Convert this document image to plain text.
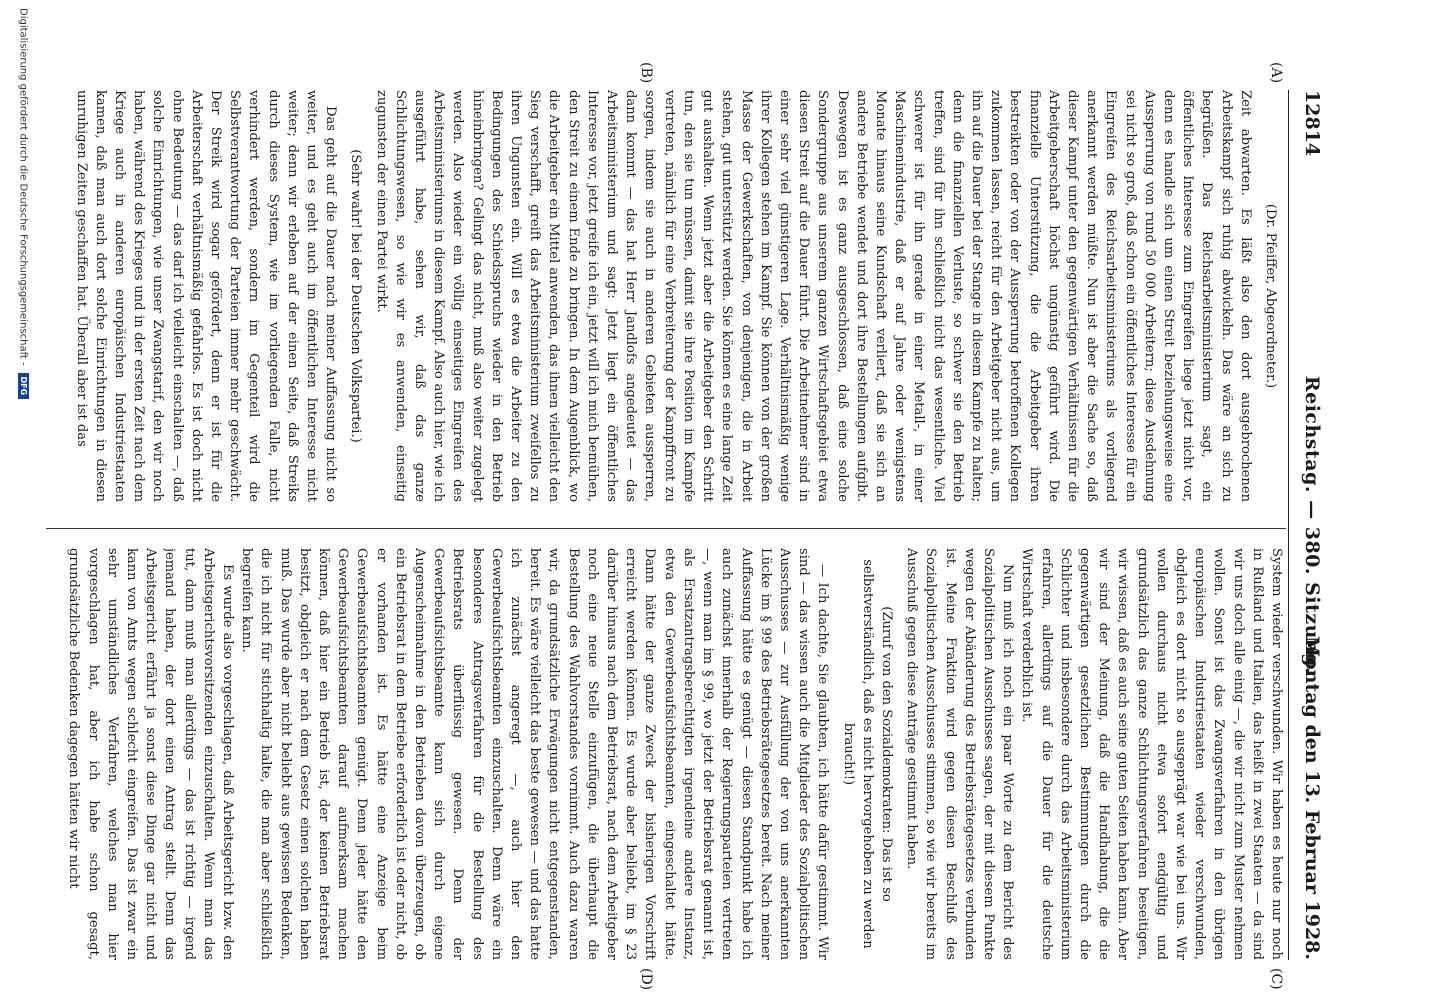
12814
Reichstag. — 380. Sitzung.
Montag den 13. Februar 1928.
(A)
(B)
(C)
(D)

(Dr. Pfeiffer, Abgeordneter.)

Zeit abwarten. Es läßt also den dort ausgebrochenen Arbeitskampf sich ruhig abwickeln. Das wäre an sich zu begrüßen. Das Reichsarbeitsministerium sagt, ein öffentliches Interesse zum Eingreifen liege jetzt nicht vor, denn es handle sich um einen Streit beziehungsweise eine Aussperrung von rund 50 000 Arbeitern; diese Ausdehnung sei nicht so groß, daß schon ein öffentliches Interesse für ein Eingreifen des Reichsarbeitsministeriums als vorliegend anerkannt werden müßte. Nun ist aber die Sache so, daß dieser Kampf unter den gegenwärtigen Verhältnissen für die Arbeitgeberschaft höchst ungünstig geführt wird. Die finanzielle Unterstützung, die die Arbeitgeber ihren bestreikten oder von der Aussperrung betroffenen Kollegen zukommen lassen, reicht für den Arbeitgeber nicht aus, um ihn auf die Dauer bei der Stange in diesem Kampfe zu halten; denn die finanziellen Verluste, so schwer sie den Betrieb treffen, sind für ihn schließlich nicht das wesentliche. Viel schwerer ist für ihn gerade in einer Metall-, in einer Maschinenindustrie, daß er auf Jahre oder wenigstens Monate hinaus seine Kundschaft verliert, daß sie sich an andere Betriebe wendet und dort ihre Bestellungen aufgibt. Deswegen ist es ganz ausgeschlossen, daß eine solche Sondergruppe aus unserem ganzen Wirtschaftsgebiet etwa diesen Streit auf die Dauer führt. Die Arbeitnehmer sind in einer sehr viel günstigeren Lage. Verhältnismäßig wenige ihrer Kollegen stehen im Kampf. Sie können von der großen Masse der Gewerkschaften, von denjenigen, die in Arbeit stehen, gut unterstützt werden. Sie können es eine lange Zeit gut aushalten. Wenn jetzt aber die Arbeitgeber den Schritt tun, den sie tun müssen, damit sie ihre Position im Kampfe vertreten, nämlich für eine Verbreiterung der Kampffront zu sorgen, indem sie auch in anderen Gebieten aussperren, dann kommt — das hat Herr Jandlofs angedeutet — das Arbeitsministerium und sagt: Jetzt liegt ein öffentliches Interesse vor, jetzt greife ich ein, jetzt will ich mich bemühen, den Streit zu einem Ende zu bringen. In dem Augenblick, wo die Arbeitgeber ein Mittel anwenden, das ihnen vielleicht den Sieg verschafft, greift das Arbeitsministerium zweifellos zu ihren Ungunsten ein. Will es etwa die Arbeiter zu den Bedingungen des Schiedsspruchs wieder in den Betrieb hineinbringen? Gelingt das nicht, muß also weiter zugelegt werden. Also wieder ein völlig einseitiges Eingreifen des Arbeitsministeriums in diesem Kampf. Also auch hier, wie ich ausgeführt habe, sehen wir, daß das ganze Schlichtungswesen, so wie wir es anwenden, einseitig zugunsten der einen Partei wirkt.

(Sehr wahr! bei der Deutschen Volkspartei.)

Das geht auf die Dauer nach meiner Auffassung nicht so weiter, und es geht auch im öffentlichen Interesse nicht weiter; denn wir erleben auf der einen Seite, daß Streiks durch dieses System, wie im vorliegenden Falle, nicht verhindert werden, sondern im Gegenteil wird die Selbstverantwortung der Parteien immer mehr geschwächt. Der Streik wird sogar gefördert, denn er ist für die Arbeiterschaft verhältnismäßig gefahrlos. Es ist doch nicht ohne Bedeutung — das darf ich vielleicht einschalten —, daß solche Einrichtungen, wie unser Zwangstarif, den wir noch haben, während des Krieges und in der ersten Zeit nach dem Kriege auch in anderen europäischen Industriestaaten kamen, daß man auch dort solche Einrichtungen in diesen unruhigen Zeiten geschaffen hat. Überall aber ist das

System wieder verschwunden. Wir haben es heute nur noch in Rußland und Italien, das heißt in zwei Staaten — da sind wir uns doch alle einig —, die wir nicht zum Muster nehmen wollen. Sonst ist das Zwangsverfahren in den übrigen europäischen Industriestaaten wieder verschwunden, obgleich es dort nicht so ausgeprägt war wie bei uns. Wir wollen durchaus nicht etwa sofort endgültig und grundsätzlich das ganze Schlichtungsverfahren beseitigen, wir wissen, daß es auch seine guten Seiten haben kann. Aber wir sind der Meinung, daß die Handhabung, die die gegenwärtigen gesetzlichen Bestimmungen durch die Schlichter und insbesondere durch das Arbeitsministerium erfahren, allerdings auf die Dauer für die deutsche Wirtschaft verderblich ist.

Nun muß ich noch ein paar Worte zu dem Bericht des Sozialpolitischen Ausschusses sagen, der mit diesem Punkte wegen der Abänderung des Betriebsrätegesetzes verbunden ist. Meine Fraktion wird gegen diesen Beschluß des Sozialpolitischen Ausschusses stimmen, so wie wir bereits im Ausschuß gegen diese Anträge gestimmt haben.

(Zuruf von den Sozialdemokraten: Das ist so selbstverständlich, daß es nicht hervorgehoben zu werden braucht!)

— Ich dachte, Sie glaubten, ich hätte dafür gestimmt. Wir sind — das wissen auch die Mitglieder des Sozialpolitischen Ausschusses — zur Ausfüllung der von uns anerkannten Lücke im § 99 des Betriebsrätegesetzes bereit. Nach meiner Auffassung hätte es genügt — diesen Standpunkt habe ich auch zunächst innerhalb der Regierungsparteien vertreten —, wenn man im § 99, wo jetzt der Betriebsrat genannt ist, als Ersatzantragsberechtigten irgendeine andere Instanz, etwa den Gewerbeaufsichtsbeamten, eingeschaltet hätte. Dann hätte der ganze Zweck der bisherigen Vorschrift erreicht werden können. Es wurde aber beliebt, im § 23 darüber hinaus nach dem Betriebsrat, nach dem Arbeitgeber noch eine neue Stelle einzufügen, die überhaupt die Bestellung des Wahlvorstandes vornimmt. Auch dazu waren wir, da grundsätzliche Erwägungen nicht entgegenstanden, bereit. Es wäre vielleicht das beste gewesen — und das hatte ich zunächst angeregt —, auch hier den Gewerbeaufsichtsbeamten einzuschalten. Denn wäre ein besonderes Antragsverfahren für die Bestellung des Betriebsrats überflüssig gewesen. Denn der Gewerbeaufsichtsbeamte kann sich durch eigene Augenscheinnahme in den Betrieben davon überzeugen, ob ein Betriebsrat in dem Betriebe erforderlich ist oder nicht, ob er vorhanden ist. Es hätte eine Anzeige beim Gewerbeaufsichtsbeamten genügt. Denn jeder hätte den Gewerbeaufsichtsbeamten darauf aufmerksam machen können, daß hier ein Betrieb ist, der keinen Betriebsrat besitzt, obgleich er nach dem Gesetz einen solchen haben muß. Das wurde aber nicht beliebt aus gewissen Bedenken, die ich nicht für stichhaltig halte, die man aber schließlich begreifen kann.

Es wurde also vorgeschlagen, daß Arbeitsgericht bzw. den Arbeitsgerichtsvorsitzenden einzuschalten. Wenn man das tut, dann muß man allerdings — das ist richtig — irgend jemand haben, der dort einen Antrag stellt. Denn das Arbeitsgericht erfährt ja sonst diese Dinge gar nicht und kann von Amts wegen schlecht eingreifen. Das ist zwar ein sehr umständliches Verfahren, welches man hier vorgeschlagen hat, aber ich habe schon gesagt, grundsätzliche Bedenken dagegen hätten wir nicht

Digitalisierung gefördert durch die Deutsche Forschungsgemeinschaft - DFG
